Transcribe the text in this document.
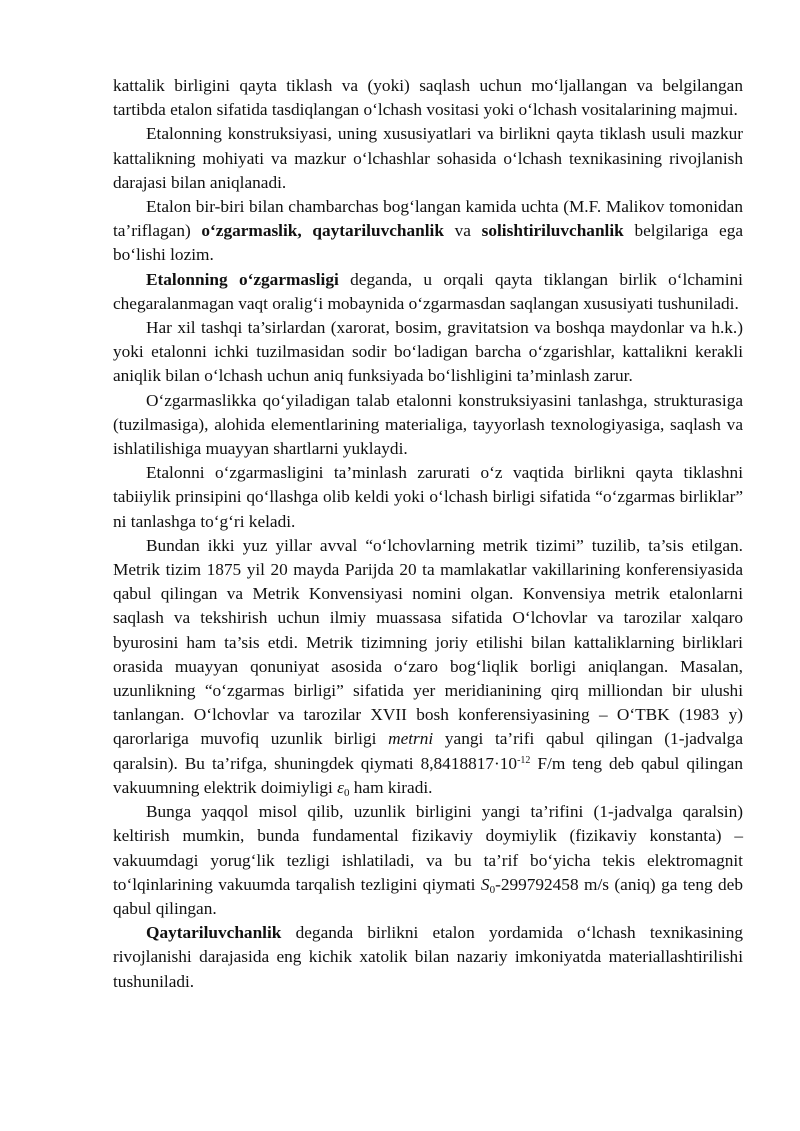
kattalik birligini qayta tiklash va (yoki) saqlash uchun mo‘ljallangan va belgilangan tartibda etalon sifatida tasdiqlangan o‘lchash vositasi yoki o‘lchash vositalarining majmui.

Etalonning konstruksiyasi, uning xususiyatlari va birlikni qayta tiklash usuli mazkur kattalikning mohiyati va mazkur o‘lchashlar sohasida o‘lchash texnikasining rivojlanish darajasi bilan aniqlanadi.

Etalon bir-biri bilan chambarchas bog‘langan kamida uchta (M.F. Malikov tomonidan ta’riflagan) o‘zgarmaslik, qaytariluvchanlik va solishtiriluvchanlik belgilariga ega bo‘lishi lozim.

Etalonning o‘zgarmasligi deganda, u orqali qayta tiklangan birlik o‘lchamini chegaralanmagan vaqt oralig‘i mobaynida o‘zgarmasdan saqlangan xususiyati tushuniladi.

Har xil tashqi ta’sirlardan (xarorat, bosim, gravitatsion va boshqa maydonlar va h.k.) yoki etalonni ichki tuzilmasidan sodir bo‘ladigan barcha o‘zgarishlar, kattalikni kerakli aniqlik bilan o‘lchash uchun aniq funksiyada bo‘lishligini ta’minlash zarur.

O‘zgarmaslikka qo‘yiladigan talab etalonni konstruksiyasini tanlashga, strukturasiga (tuzilmasiga), alohida elementlarining materialiga, tayyorlash texnologiyasiga, saqlash va ishlatilishiga muayyan shartlarni yuklaydi.

Etalonni o‘zgarmasligini ta’minlash zarurati o‘z vaqtida birlikni qayta tiklashni tabiiylik prinsipini qo‘llashga olib keldi yoki o‘lchash birligi sifatida “o‘zgarmas birliklar” ni tanlashga to‘g‘ri keladi.

Bundan ikki yuz yillar avval “o‘lchovlarning metrik tizimi” tuzilib, ta’sis etilgan. Metrik tizim 1875 yil 20 mayda Parijda 20 ta mamlakatlar vakillarining konferensiyasida qabul qilingan va Metrik Konvensiyasi nomini olgan. Konvensiya metrik etalonlarni saqlash va tekshirish uchun ilmiy muassasa sifatida O‘lchovlar va tarozilar xalqaro byurosini ham ta’sis etdi. Metrik tizimning joriy etilishi bilan kattaliklarning birliklari orasida muayyan qonuniyat asosida o‘zaro bog‘liqlik borligi aniqlangan. Masalan, uzunlikning “o‘zgarmas birligi” sifatida yer meridianining qirq milliondan bir ulushi tanlangan. O‘lchovlar va tarozilar XVII bosh konferensiyasining – O‘TBK (1983 y) qarorlariga muvofiq uzunlik birligi metrni yangi ta’rifi qabul qilingan (1-jadvalga qaralsin). Bu ta’rifga, shuningdek qiymati $8,8418817\cdot 10^{-12}$ F/m teng deb qabul qilingan vakuumning elektrik doimiyligi $\varepsilon_0$ ham kiradi.

Bunga yaqqol misol qilib, uzunlik birligini yangi ta’rifini (1-jadvalga qaralsin) keltirish mumkin, bunda fundamental fizikaviy doymiylik (fizikaviy konstanta) – vakuumdagi yorug‘lik tezligi ishlatiladi, va bu ta’rif bo‘yicha tekis elektromagnit to‘lqinlarining vakuumda tarqalish tezligini qiymati $S_0-299792458$ m/s (aniq) ga teng deb qabul qilingan.

Qaytariluvchanlik deganda birlikni etalon yordamida o‘lchash texnikasining rivojlanishi darajasida eng kichik xatolik bilan nazariy imkoniyatda materiallashtirilishi tushuniladi.
